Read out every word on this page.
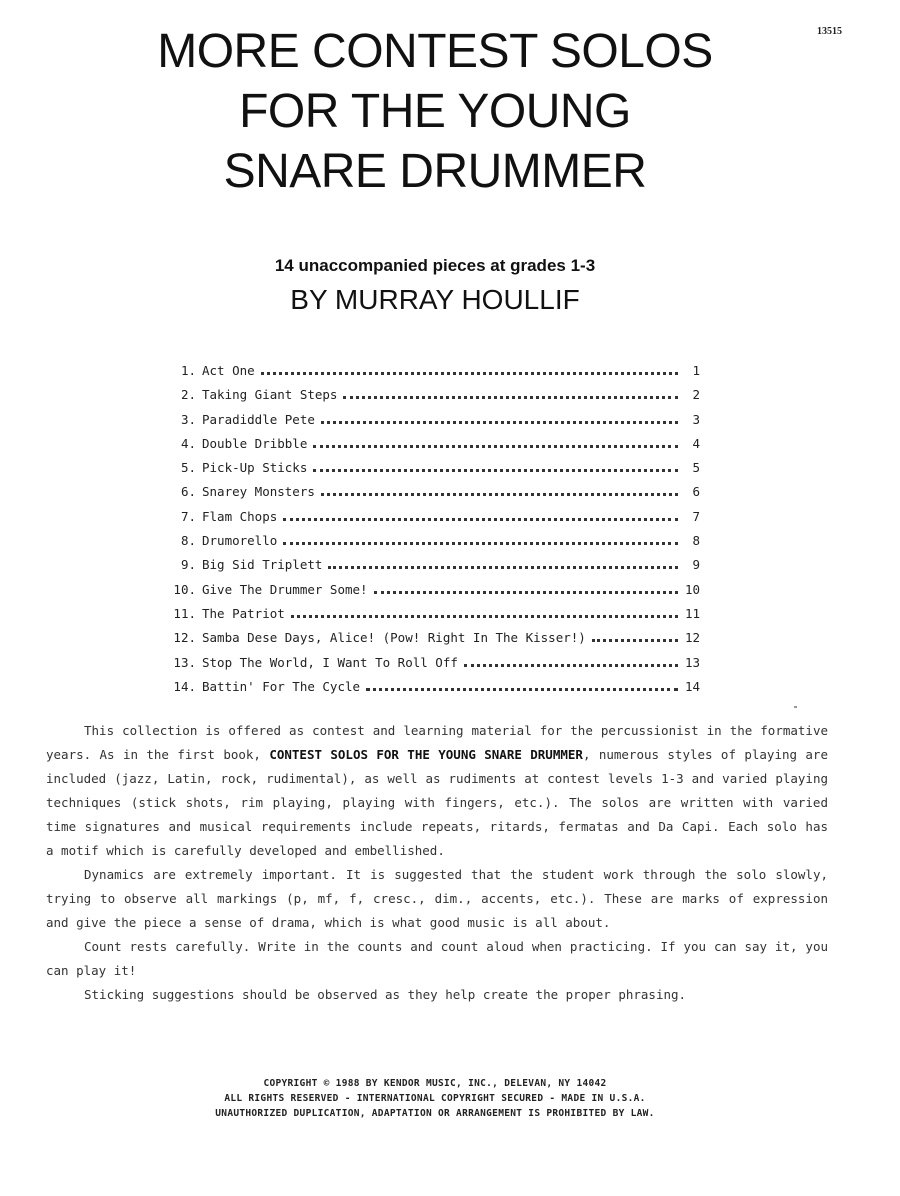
13515
MORE CONTEST SOLOS
FOR THE YOUNG
SNARE DRUMMER
14 unaccompanied pieces at grades 1-3
BY MURRAY HOULLIF
1. Act One	1
2. Taking Giant Steps	2
3. Paradiddle Pete	3
4. Double Dribble	4
5. Pick-Up Sticks	5
6. Snarey Monsters	6
7. Flam Chops	7
8. Drumorello	8
9. Big Sid Triplett	9
10. Give The Drummer Some!	10
11. The Patriot	11
12. Samba Dese Days, Alice! (Pow! Right In The Kisser!)	12
13. Stop The World, I Want To Roll Off	13
14. Battin' For The Cycle	14

This collection is offered as contest and learning material for the percussionist in the formative years. As in the first book, CONTEST SOLOS FOR THE YOUNG SNARE DRUMMER, numerous styles of playing are included (jazz, Latin, rock, rudimental), as well as rudiments at contest levels 1-3 and varied playing techniques (stick shots, rim playing, playing with fingers, etc.). The solos are written with varied time signatures and musical requirements include repeats, ritards, fermatas and Da Capi. Each solo has a motif which is carefully developed and embellished.

Dynamics are extremely important. It is suggested that the student work through the solo slowly, trying to observe all markings (p, mf, f, cresc., dim., accents, etc.). These are marks of expression and give the piece a sense of drama, which is what good music is all about.

Count rests carefully. Write in the counts and count aloud when practicing. If you can say it, you can play it!

Sticking suggestions should be observed as they help create the proper phrasing.

COPYRIGHT © 1988 BY KENDOR MUSIC, INC., DELEVAN, NY 14042
ALL RIGHTS RESERVED - INTERNATIONAL COPYRIGHT SECURED - MADE IN U.S.A.
UNAUTHORIZED DUPLICATION, ADAPTATION OR ARRANGEMENT IS PROHIBITED BY LAW.
